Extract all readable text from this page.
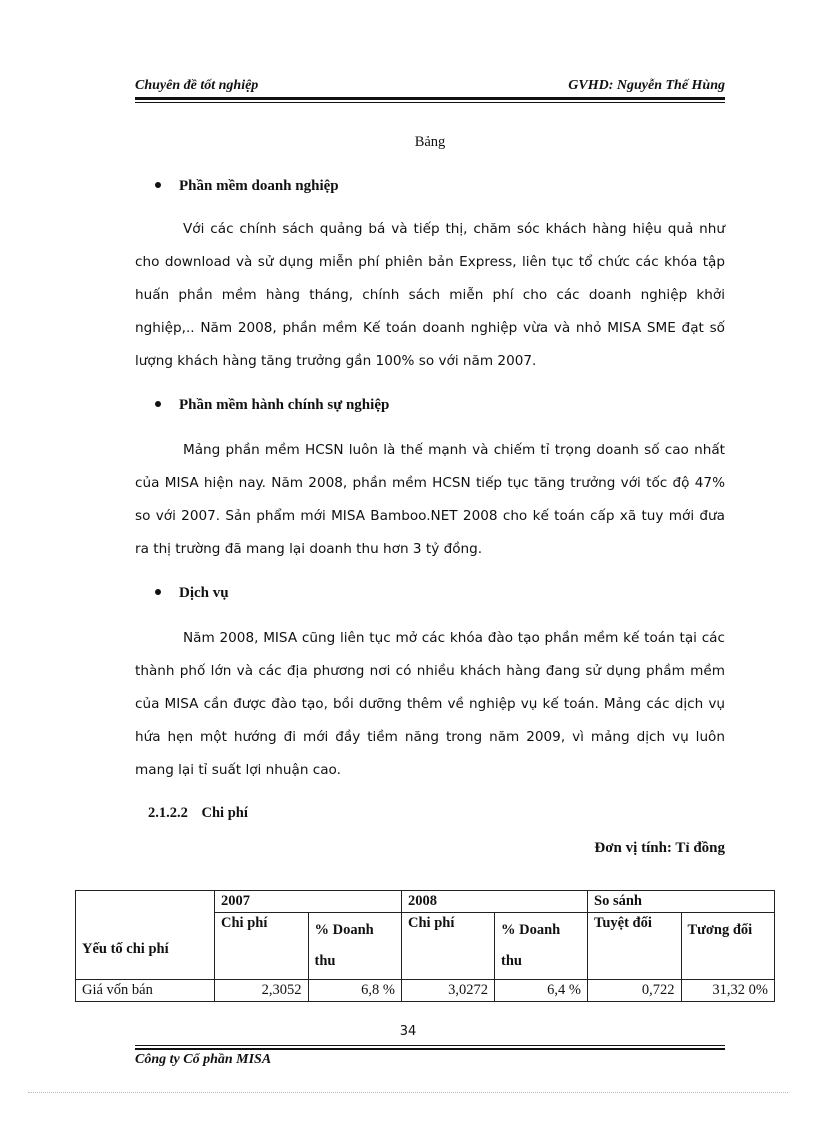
Chuyên đề tốt nghiệp	GVHD: Nguyễn Thế Hùng
Bảng
Phần mềm doanh nghiệp

Với các chính sách quảng bá và tiếp thị, chăm sóc khách hàng hiệu quả như cho download và sử dụng miễn phí phiên bản Express, liên tục tổ chức các khóa tập huấn phần mềm hàng tháng, chính sách miễn phí cho các doanh nghiệp khởi nghiệp,.. Năm 2008, phần mềm Kế toán doanh nghiệp vừa và nhỏ MISA SME đạt số lượng khách hàng tăng trưởng gần 100% so với năm 2007.

Phần mềm hành chính sự nghiệp

Mảng phần mềm HCSN luôn là thế mạnh và chiếm tỉ trọng doanh số cao nhất của MISA hiện nay. Năm 2008, phần mềm HCSN tiếp tục tăng trưởng với tốc độ 47% so với 2007. Sản phẩm mới MISA Bamboo.NET 2008 cho kế toán cấp xã tuy mới đưa ra thị trường đã mang lại doanh thu hơn 3 tỷ đồng.

Dịch vụ

Năm 2008, MISA cũng liên tục mở các khóa đào tạo phần mềm kế toán tại các thành phố lớn và các địa phương nơi có nhiều khách hàng đang sử dụng phầm mềm của MISA cần được đào tạo, bồi dưỡng thêm về nghiệp vụ kế toán. Mảng các dịch vụ hứa hẹn một hướng đi mới đầy tiềm năng trong năm 2009, vì mảng dịch vụ luôn mang lại tỉ suất lợi nhuận cao.

2.1.2.2 Chi phí
Đơn vị tính: Tỉ đồng
Yếu tố chi phí	2007		2008		So sánh	
	Chi phí	% Doanh thu	Chi phí	% Doanh thu	Tuyệt đối	Tương đối
Giá vốn bán	2,3052	6,8 %	3,0272	6,4 %	0,722	31,32 0%
34
Công ty Cổ phần MISA
